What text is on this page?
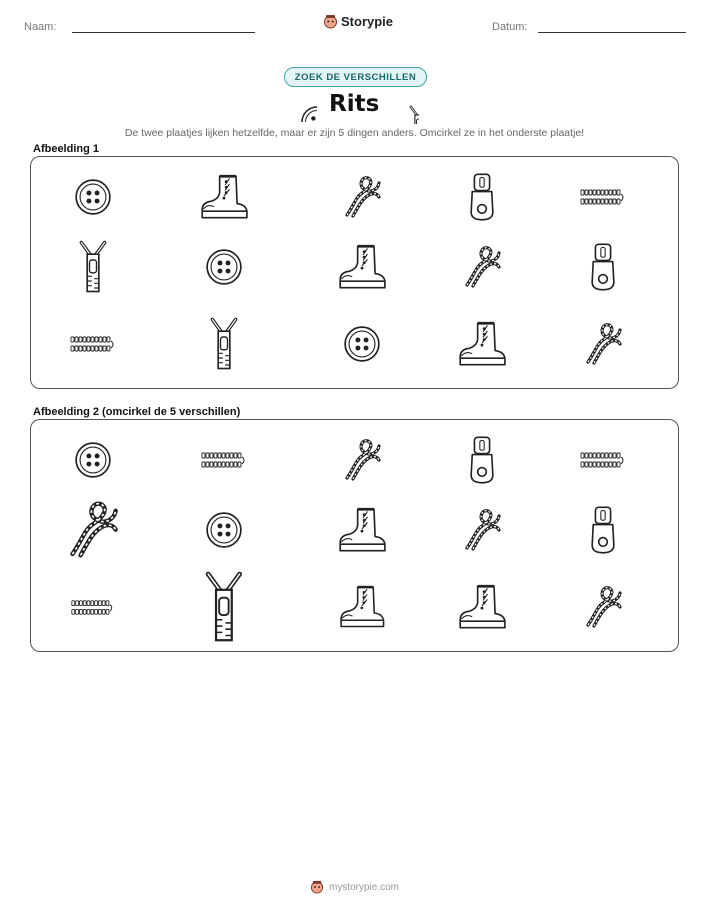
Naam:	Storypie	Datum:
ZOEK DE VERSCHILLEN
Rits
De twee plaatjes lijken hetzelfde, maar er zijn 5 dingen anders. Omcirkel ze in het onderste plaatje!
Afbeelding 1
Afbeelding 2 (omcirkel de 5 verschillen)
mystorypie.com
